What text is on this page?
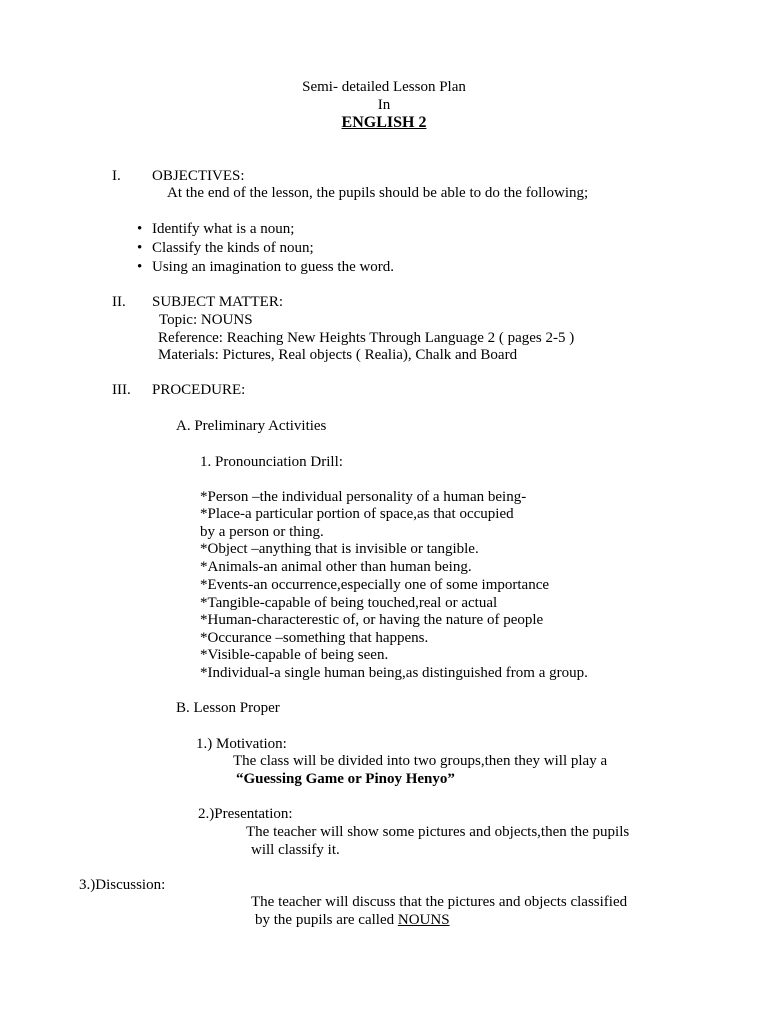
Semi- detailed Lesson Plan
In
ENGLISH 2
I. OBJECTIVES:
At the end of the lesson, the pupils should be able to do the following;
• Identify what is a noun;
• Classify the kinds of noun;
• Using an imagination to guess the word.
II. SUBJECT MATTER:
Topic: NOUNS
Reference: Reaching New Heights Through Language 2 ( pages 2-5 )
Materials: Pictures, Real objects ( Realia), Chalk and Board
III. PROCEDURE:
A. Preliminary Activities
1. Pronounciation Drill:
*Person –the individual personality of a human being-
*Place-a particular portion of space,as that occupied
by a person or thing.
*Object –anything that is invisible or tangible.
*Animals-an animal other than human being.
*Events-an occurrence,especially one of some importance
*Tangible-capable of being touched,real or actual
*Human-characterestic of, or having the nature of people
*Occurance –something that happens.
*Visible-capable of being seen.
*Individual-a single human being,as distinguished from a group.
B. Lesson Proper
1.) Motivation:
The class will be divided into two groups,then they will play a
“Guessing Game or Pinoy Henyo”
2.)Presentation:
The teacher will show some pictures and objects,then the pupils
will classify it.
3.)Discussion:
The teacher will discuss that the pictures and objects classified
by the pupils are called NOUNS
